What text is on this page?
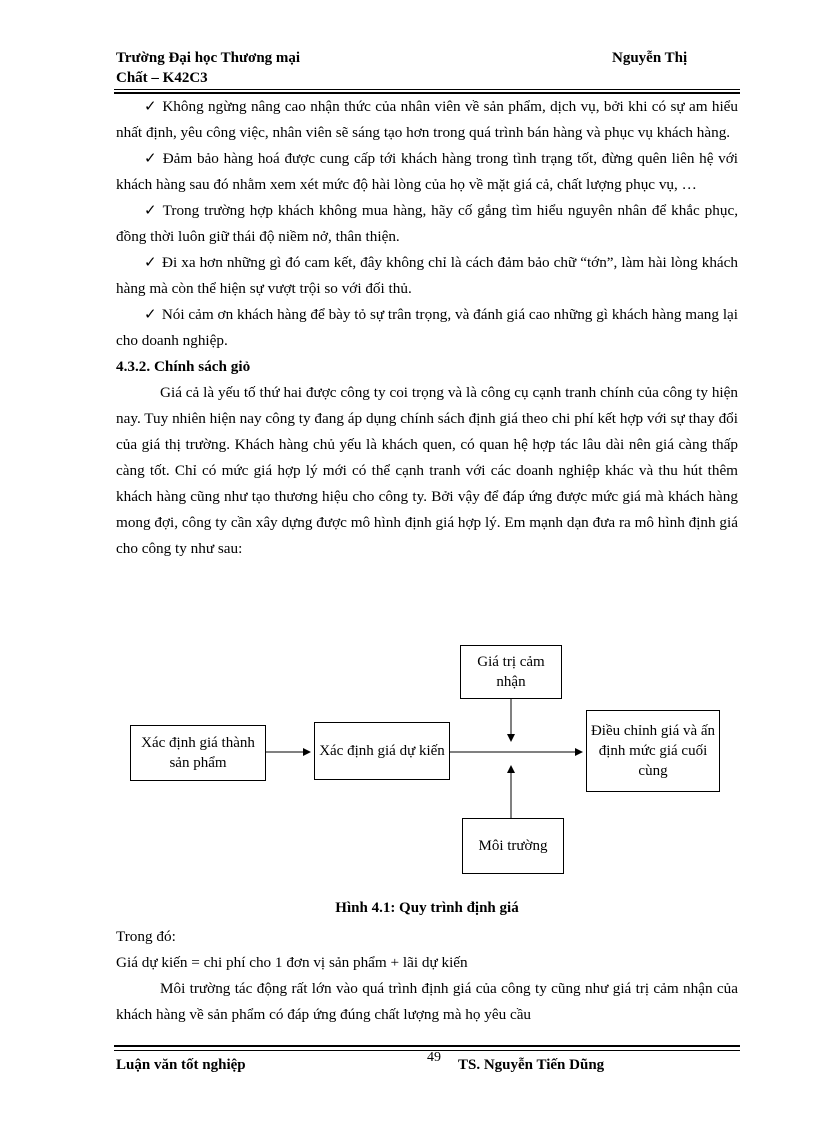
Trường Đại học Thương mại	Nguyễn Thị
Chất – K42C3

✓ Không ngừng nâng cao nhận thức của nhân viên về sản phẩm, dịch vụ, bởi khi có sự am hiểu nhất định, yêu công việc, nhân viên sẽ sáng tạo hơn trong quá trình bán hàng và phục vụ khách hàng.

✓ Đảm bảo hàng hoá được cung cấp tới khách hàng trong tình trạng tốt, đừng quên liên hệ với khách hàng sau đó nhằm xem xét mức độ hài lòng của họ về mặt giá cả, chất lượng phục vụ, …

✓ Trong trường hợp khách không mua hàng, hãy cố gắng tìm hiểu nguyên nhân để khắc phục, đồng thời luôn giữ thái độ niềm nở, thân thiện.

✓ Đi xa hơn những gì đó cam kết, đây không chỉ là cách đảm bảo chữ “tớn”, làm hài lòng khách hàng mà còn thể hiện sự vượt trội so với đối thủ.

✓ Nói cảm ơn khách hàng để bày tỏ sự trân trọng, và đánh giá cao những gì khách hàng mang lại cho doanh nghiệp.

4.3.2. Chính sách giỏ

Giá cả là yếu tố thứ hai được công ty coi trọng và là công cụ cạnh tranh chính của công ty hiện nay. Tuy nhiên hiện nay công ty đang áp dụng chính sách định giá theo chi phí kết hợp với sự thay đổi của giá thị trường. Khách hàng chủ yếu là khách quen, có quan hệ hợp tác lâu dài nên giá càng thấp càng tốt. Chỉ có mức giá hợp lý mới có thể cạnh tranh với các doanh nghiệp khác và thu hút thêm khách hàng cũng như tạo thương hiệu cho công ty. Bởi vậy để đáp ứng được mức giá mà khách hàng mong đợi, công ty cần xây dựng được mô hình định giá hợp lý. Em mạnh dạn đưa ra mô hình định giá cho công ty như sau:

Xác định giá thành sản phẩm
Xác định giá dự kiến
Giá trị cảm nhận
Môi trường
Điều chỉnh giá và ấn định mức giá cuối cùng
Hình 4.1: Quy trình định giá

Trong đó:

Giá dự kiến = chi phí cho 1 đơn vị sản phẩm + lãi dự kiến

Môi trường tác động rất lớn vào quá trình định giá của công ty cũng như giá trị cảm nhận của khách hàng về sản phẩm có đáp ứng đúng chất lượng mà họ yêu cầu

Luận văn tốt nghiệp	49 TS. Nguyễn Tiến Dũng
